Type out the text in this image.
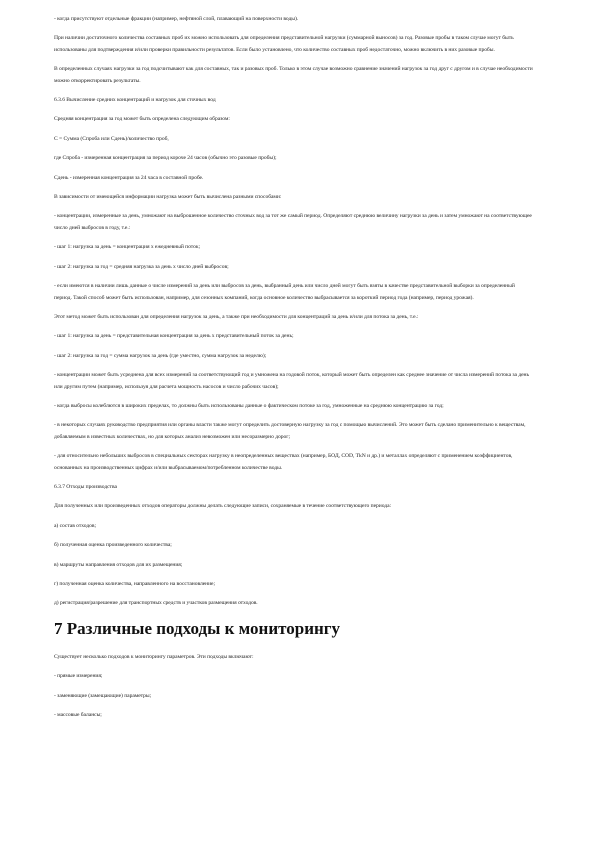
- когда присутствуют отдельные фракции (например, нефтяной слой, плавающий на поверхности воды).

При наличии достаточного количества составных проб их можно использовать для определения представительной нагрузки (суммарной выносов) за год. Разовые пробы в таком случае могут быть использованы для подтверждения и/или проверки правильности результатов. Если было установлено, что количество составных проб недостаточно, можно включить в них разовые пробы.

В определенных случаях нагрузки за год подсчитывают как для составных, так и разовых проб. Только в этом случае возможно сравнение значений нагрузок за год друг с другом и в случае необходимости можно откорректировать результаты.

6.3.6 Вычисление средних концентраций и нагрузок для сточных вод

Средняя концентрация за год может быть определена следующим образом:

С = Сумма (Спроба или Сдень)/количество проб,

где Спроба - измеренная концентрация за период короче 24 часов (обычно это разовые пробы);

Сдень - измеренная концентрация за 24 часа в составной пробе.

В зависимости от имеющейся информации нагрузка может быть вычислена разными способами:

- концентрации, измеренные за день, умножают на выброшенное количество сточных вод за тот же самый период. Определяют среднюю величину нагрузки за день и затем умножают на соответствующее число дней выбросов в году, т.е.:

- шаг 1: нагрузка за день = концентрация x ежедневный поток;

- шаг 2: нагрузка за год = средняя нагрузка за день x число дней выбросов;

- если имеются в наличии лишь данные о числе измерений за день или выбросов за день, выбранный день или число дней могут быть взяты в качестве представительной выборки за определенный период. Такой способ может быть использован, например, для сезонных компаний, когда основное количество выбрасывается за короткий период года (например, период урожая).

Этот метод может быть использован для определения нагрузок за день, а также при необходимости для концентраций за день и/или для потока за день, т.е.:

- шаг 1: нагрузка за день = представительная концентрация за день x представительный поток за день;

- шаг 2: нагрузка за год = сумма нагрузок за день (где уместно, сумма нагрузок за неделю);

- концентрации может быть усреднена для всех измерений за соответствующий год и умножена на годовой поток, который может быть определен как среднее значение от числа измерений потока за день или другим путем (например, используя для расчета мощность насосов и число рабочих часов);

- когда выбросы колеблются в широких пределах, то должны быть использованы данные о фактическом потоке за год, умноженные на среднюю концентрацию за год;

- в некоторых случаях руководство предприятия или органы власти также могут определить достоверную нагрузку за год с помощью вычислений. Это может быть сделано применительно к веществам, добавляемым в известных количествах, но для которых анализ невозможен или несоразмерно дорог;

- для относительно небольших выбросов в специальных секторах нагрузку в неопределенных веществах (например, БОД, COD, TkN и др.) и металлах определяют с применением коэффициентов, основанных на производственных цифрах и/или выбрасываемом/потребленном количестве воды.

6.3.7 Отходы производства

Для полученных или произведенных отходов операторы должны делать следующие записи, сохраняемые в течение соответствующего периода:

а) состав отходов;

б) полученная оценка произведенного количества;

в) маршруты направления отходов для их размещения;

г) полученная оценка количества, направленного на восстановление;

д) регистрация/разрешение для транспортных средств и участков размещения отходов.

7 Различные подходы к мониторингу

Существует несколько подходов к мониторингу параметров. Эти подходы включают:

- прямые измерения;

- заменяющие (замещающие) параметры;

- массовые балансы;
